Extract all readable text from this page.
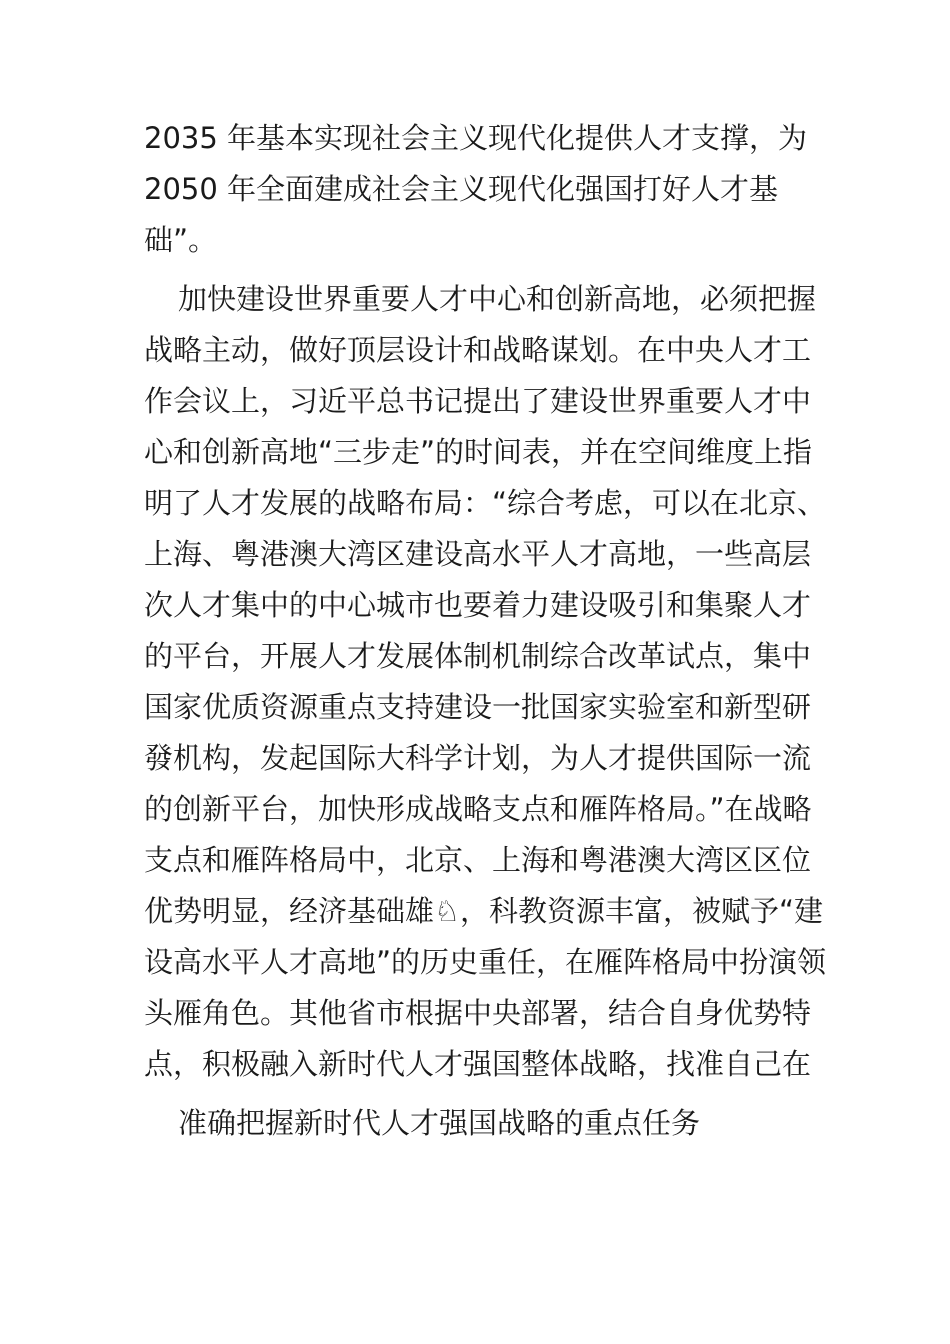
2035 年基本实现社会主义现代化提供人才支撑，为
2050 年全面建成社会主义现代化强国打好人才基
础”。

加快建设世界重要人才中心和创新高地，必须把握
战略主动，做好顶层设计和战略谋划。在中央人才工
作会议上，习近平总书记提出了建设世界重要人才中
心和创新高地“三步走”的时间表，并在空间维度上指
明了人才发展的战略布局：“综合考虑，可以在北京、
上海、粤港澳大湾区建设高水平人才高地，一些高层
次人才集中的中心城市也要着力建设吸引和集聚人才
的平台，开展人才发展体制机制综合改革试点，集中
国家优质资源重点支持建设一批国家实验室和新型研
發机构，发起国际大科学计划，为人才提供国际一流
的创新平台，加快形成战略支点和雁阵格局。”在战略
支点和雁阵格局中，北京、上海和粤港澳大湾区区位
优势明显，经济基础雄♘，科教资源丰富，被赋予“建
设高水平人才高地”的历史重任，在雁阵格局中扮演领
头雁角色。其他省市根据中央部署，结合自身优势特
点，积极融入新时代人才强国整体战略，找准自己在

准确把握新时代人才强国战略的重点任务
